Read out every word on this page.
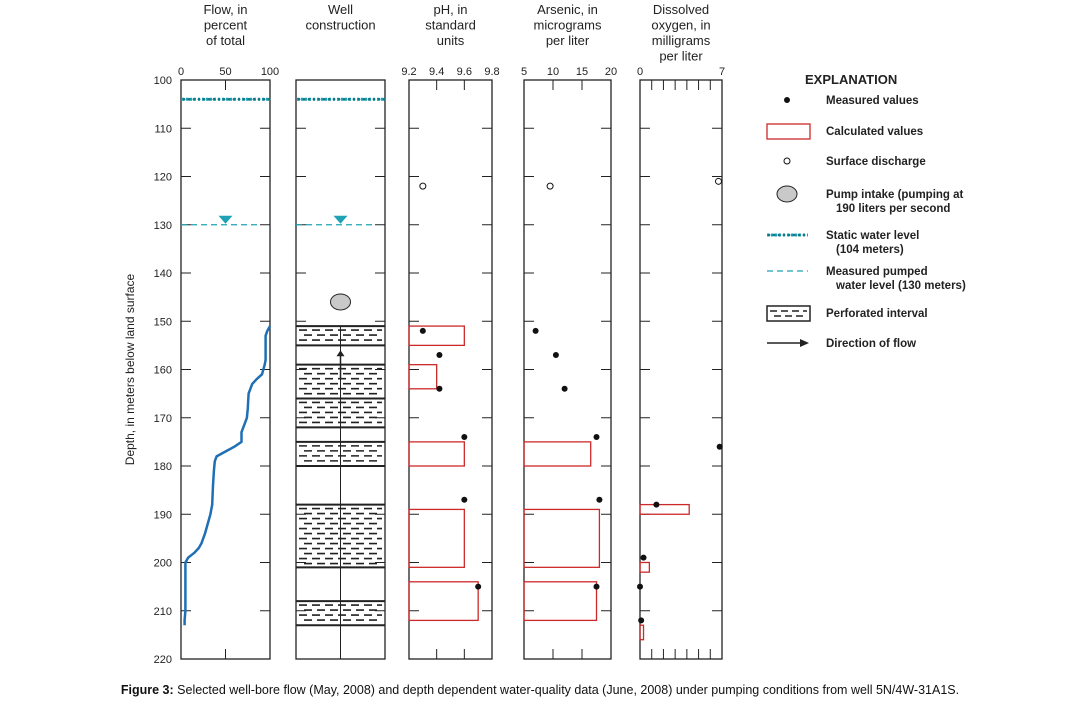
100
110
120
130
140
150
160
170
180
190
200
210
220
Depth, in meters below land surface
Flow, in
percent
of total
0	50	100
Well
construction
pH, in
standard
units
9.2 9.4 9.6 9.8
Arsenic, in
micrograms
per liter
5 10 15 20
Dissolved
oxygen, in
milligrams
per liter
0	7	EXPLANATION
Measured values
Calculated values
Surface discharge
Pump intake (pumping at
190 liters per second
Static water level
(104 meters)
Measured pumped
water level (130 meters)
Perforated interval
Direction of flow
Figure 3: Selected well-bore flow (May, 2008) and depth dependent water-quality data (June, 2008) under pumping conditions from well 5N/4W-31A1S.
